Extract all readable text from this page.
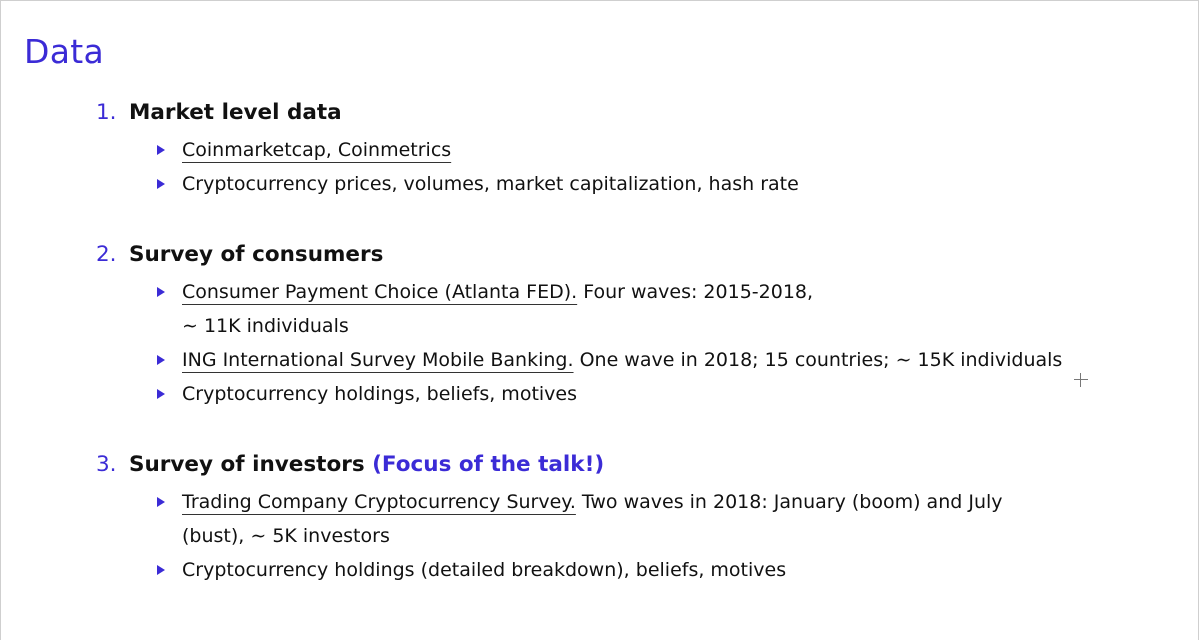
Data
1. Market level data
Coinmarketcap, Coinmetrics
Cryptocurrency prices, volumes, market capitalization, hash rate
2. Survey of consumers
Consumer Payment Choice (Atlanta FED). Four waves: 2015-2018,
∼ 11K individuals
ING International Survey Mobile Banking. One wave in 2018; 15 countries; ∼ 15K individuals
Cryptocurrency holdings, beliefs, motives
3. Survey of investors (Focus of the talk!)
Trading Company Cryptocurrency Survey. Two waves in 2018: January (boom) and July
(bust), ∼ 5K investors
Cryptocurrency holdings (detailed breakdown), beliefs, motives
